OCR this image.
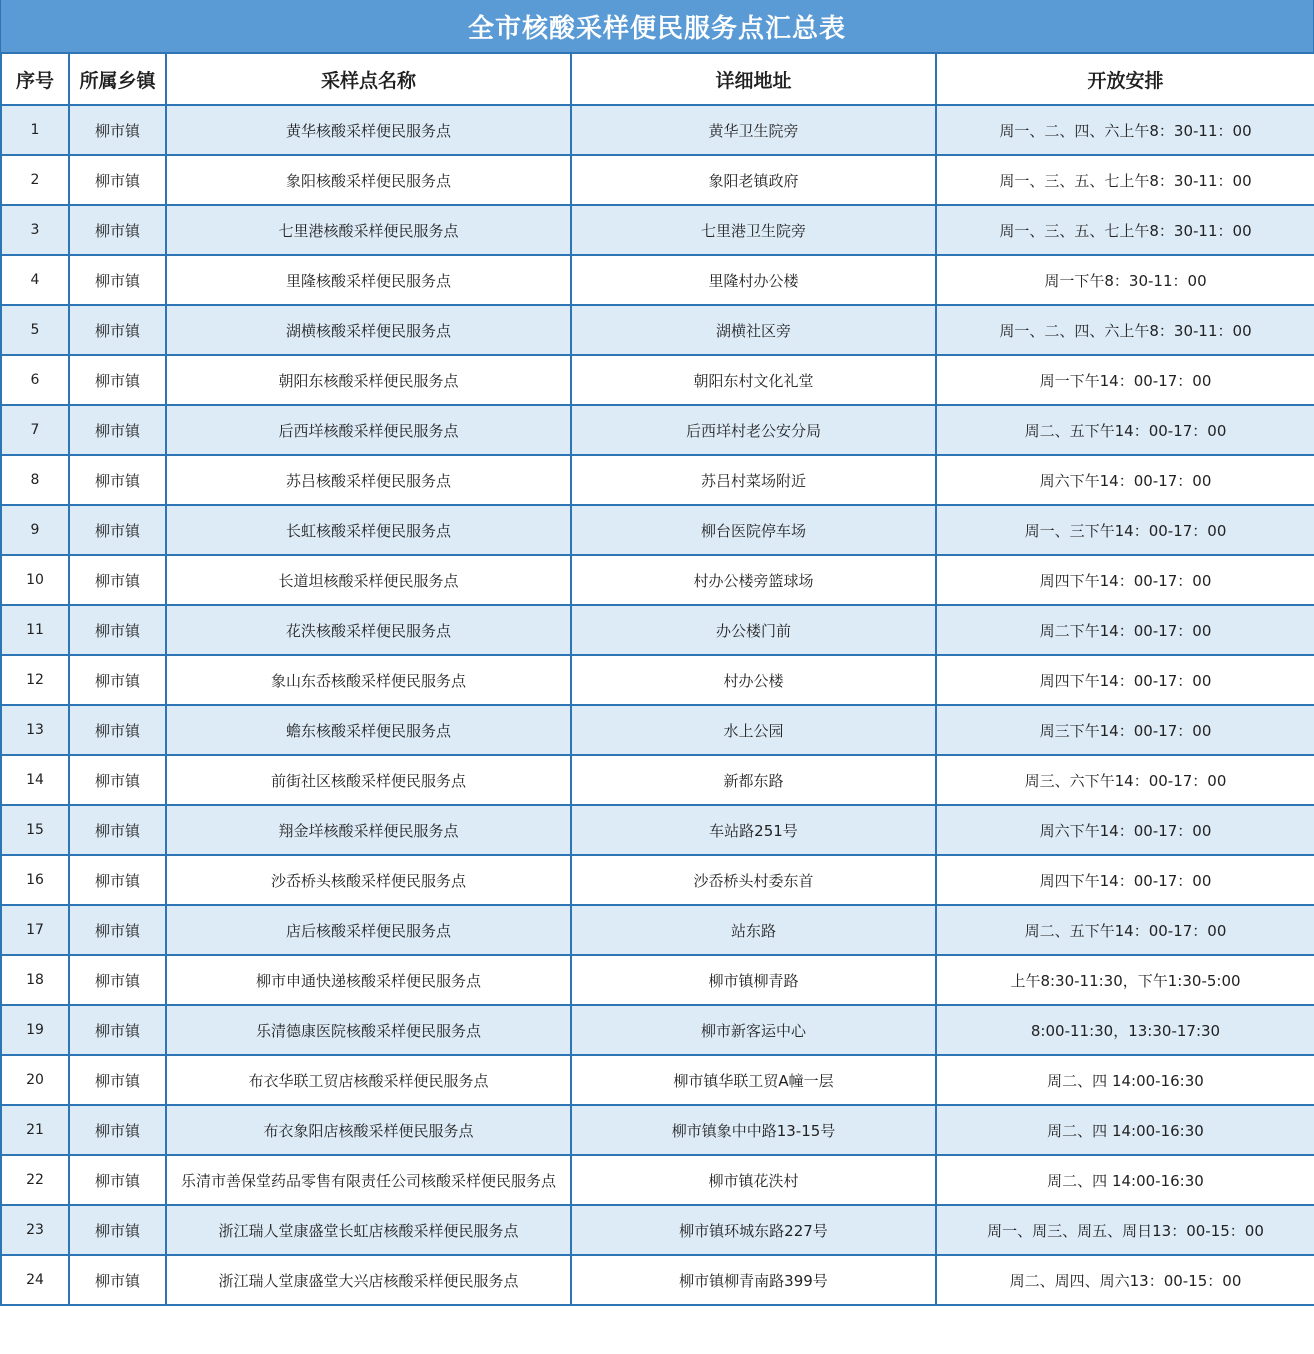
全市核酸采样便民服务点汇总表
序号	所属乡镇	采样点名称	详细地址	开放安排
1	柳市镇	黄华核酸采样便民服务点	黄华卫生院旁	周一、二、四、六上午8：30-11：00
2	柳市镇	象阳核酸采样便民服务点	象阳老镇政府	周一、三、五、七上午8：30-11：00
3	柳市镇	七里港核酸采样便民服务点	七里港卫生院旁	周一、三、五、七上午8：30-11：00
4	柳市镇	里隆核酸采样便民服务点	里隆村办公楼	周一下午8：30-11：00
5	柳市镇	湖横核酸采样便民服务点	湖横社区旁	周一、二、四、六上午8：30-11：00
6	柳市镇	朝阳东核酸采样便民服务点	朝阳东村文化礼堂	周一下午14：00-17：00
7	柳市镇	后西垟核酸采样便民服务点	后西垟村老公安分局	周二、五下午14：00-17：00
8	柳市镇	苏吕核酸采样便民服务点	苏吕村菜场附近	周六下午14：00-17：00
9	柳市镇	长虹核酸采样便民服务点	柳台医院停车场	周一、三下午14：00-17：00
10	柳市镇	长道坦核酸采样便民服务点	村办公楼旁篮球场	周四下午14：00-17：00
11	柳市镇	花泆核酸采样便民服务点	办公楼门前	周二下午14：00-17：00
12	柳市镇	象山东岙核酸采样便民服务点	村办公楼	周四下午14：00-17：00
13	柳市镇	蟾东核酸采样便民服务点	水上公园	周三下午14：00-17：00
14	柳市镇	前街社区核酸采样便民服务点	新都东路	周三、六下午14：00-17：00
15	柳市镇	翔金垟核酸采样便民服务点	车站路251号	周六下午14：00-17：00
16	柳市镇	沙岙桥头核酸采样便民服务点	沙岙桥头村委东首	周四下午14：00-17：00
17	柳市镇	店后核酸采样便民服务点	站东路	周二、五下午14：00-17：00
18	柳市镇	柳市申通快递核酸采样便民服务点	柳市镇柳青路	上午8:30-11:30，下午1:30-5:00
19	柳市镇	乐清德康医院核酸采样便民服务点	柳市新客运中心	8:00-11:30，13:30-17:30
20	柳市镇	布衣华联工贸店核酸采样便民服务点	柳市镇华联工贸A幢一层	周二、四 14:00-16:30
21	柳市镇	布衣象阳店核酸采样便民服务点	柳市镇象中中路13-15号	周二、四 14:00-16:30
22	柳市镇	乐清市善保堂药品零售有限责任公司核酸采样便民服务点	柳市镇花泆村	周二、四 14:00-16:30
23	柳市镇	浙江瑞人堂康盛堂长虹店核酸采样便民服务点	柳市镇环城东路227号	周一、周三、周五、周日13：00-15：00
24	柳市镇	浙江瑞人堂康盛堂大兴店核酸采样便民服务点	柳市镇柳青南路399号	周二、周四、周六13：00-15：00
